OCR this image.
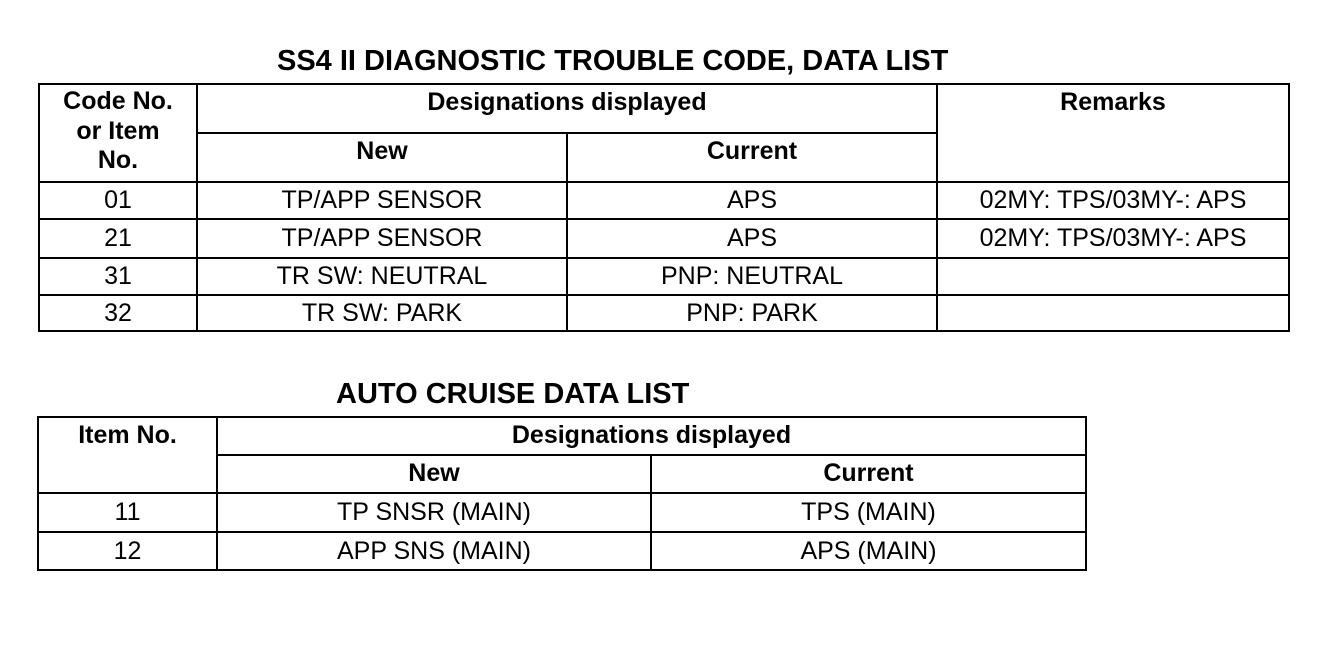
SS4 II DIAGNOSTIC TROUBLE CODE, DATA LIST
Code No.
or Item
No.	Designations displayed		Remarks
	New	Current	
01	TP/APP SENSOR	APS	02MY: TPS/03MY-: APS
21	TP/APP SENSOR	APS	02MY: TPS/03MY-: APS
31	TR SW: NEUTRAL	PNP: NEUTRAL	
32	TR SW: PARK	PNP: PARK	
AUTO CRUISE DATA LIST
Item No.	Designations displayed	
	New	Current
11	TP SNSR (MAIN)	TPS (MAIN)
12	APP SNS (MAIN)	APS (MAIN)
